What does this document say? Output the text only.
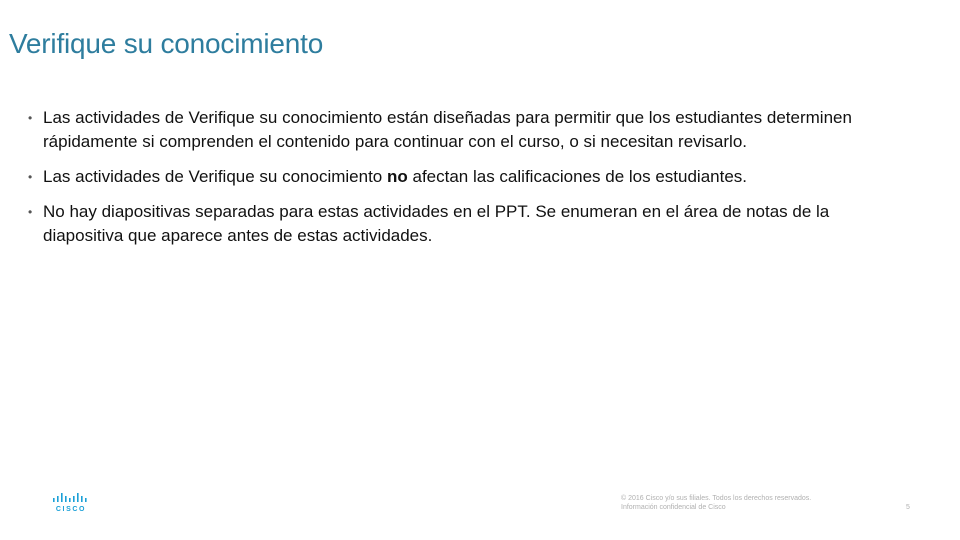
Verifique su conocimiento
• Las actividades de Verifique su conocimiento están diseñadas para permitir que los estudiantes determinen rápidamente si comprenden el contenido para continuar con el curso, o si necesitan revisarlo.
• Las actividades de Verifique su conocimiento no afectan las calificaciones de los estudiantes.
• No hay diapositivas separadas para estas actividades en el PPT. Se enumeran en el área de notas de la diapositiva que aparece antes de estas actividades.
CISCO
© 2016 Cisco y/o sus filiales. Todos los derechos reservados.
Información confidencial de Cisco	5
